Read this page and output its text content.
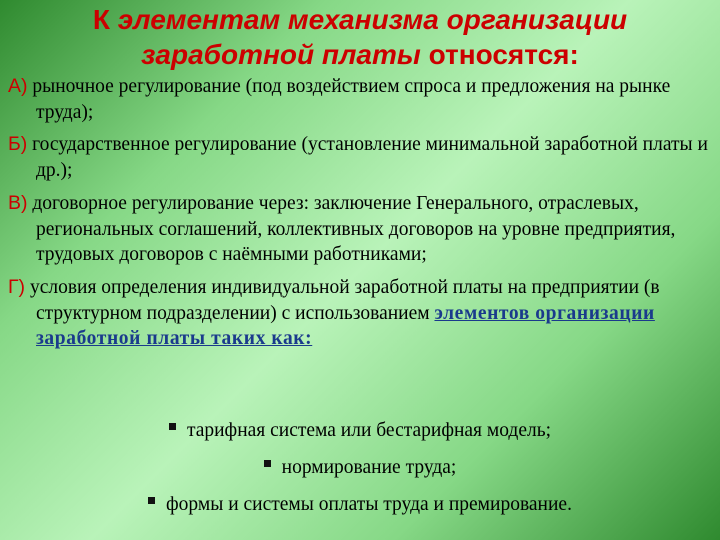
К элементам механизма организации заработной платы относятся:
А) рыночное регулирование (под воздействием спроса и предложения на рынке труда);
Б) государственное регулирование (установление минимальной заработной платы и др.);
В) договорное регулирование через: заключение Генерального, отраслевых, региональных соглашений, коллективных договоров на уровне предприятия, трудовых договоров с наёмными работниками;
Г) условия определения индивидуальной заработной платы на предприятии (в структурном подразделении) с использованием элементов организации заработной платы таких как:
тарифная система или бестарифная модель;
нормирование труда;
формы и системы оплаты труда и премирование.
